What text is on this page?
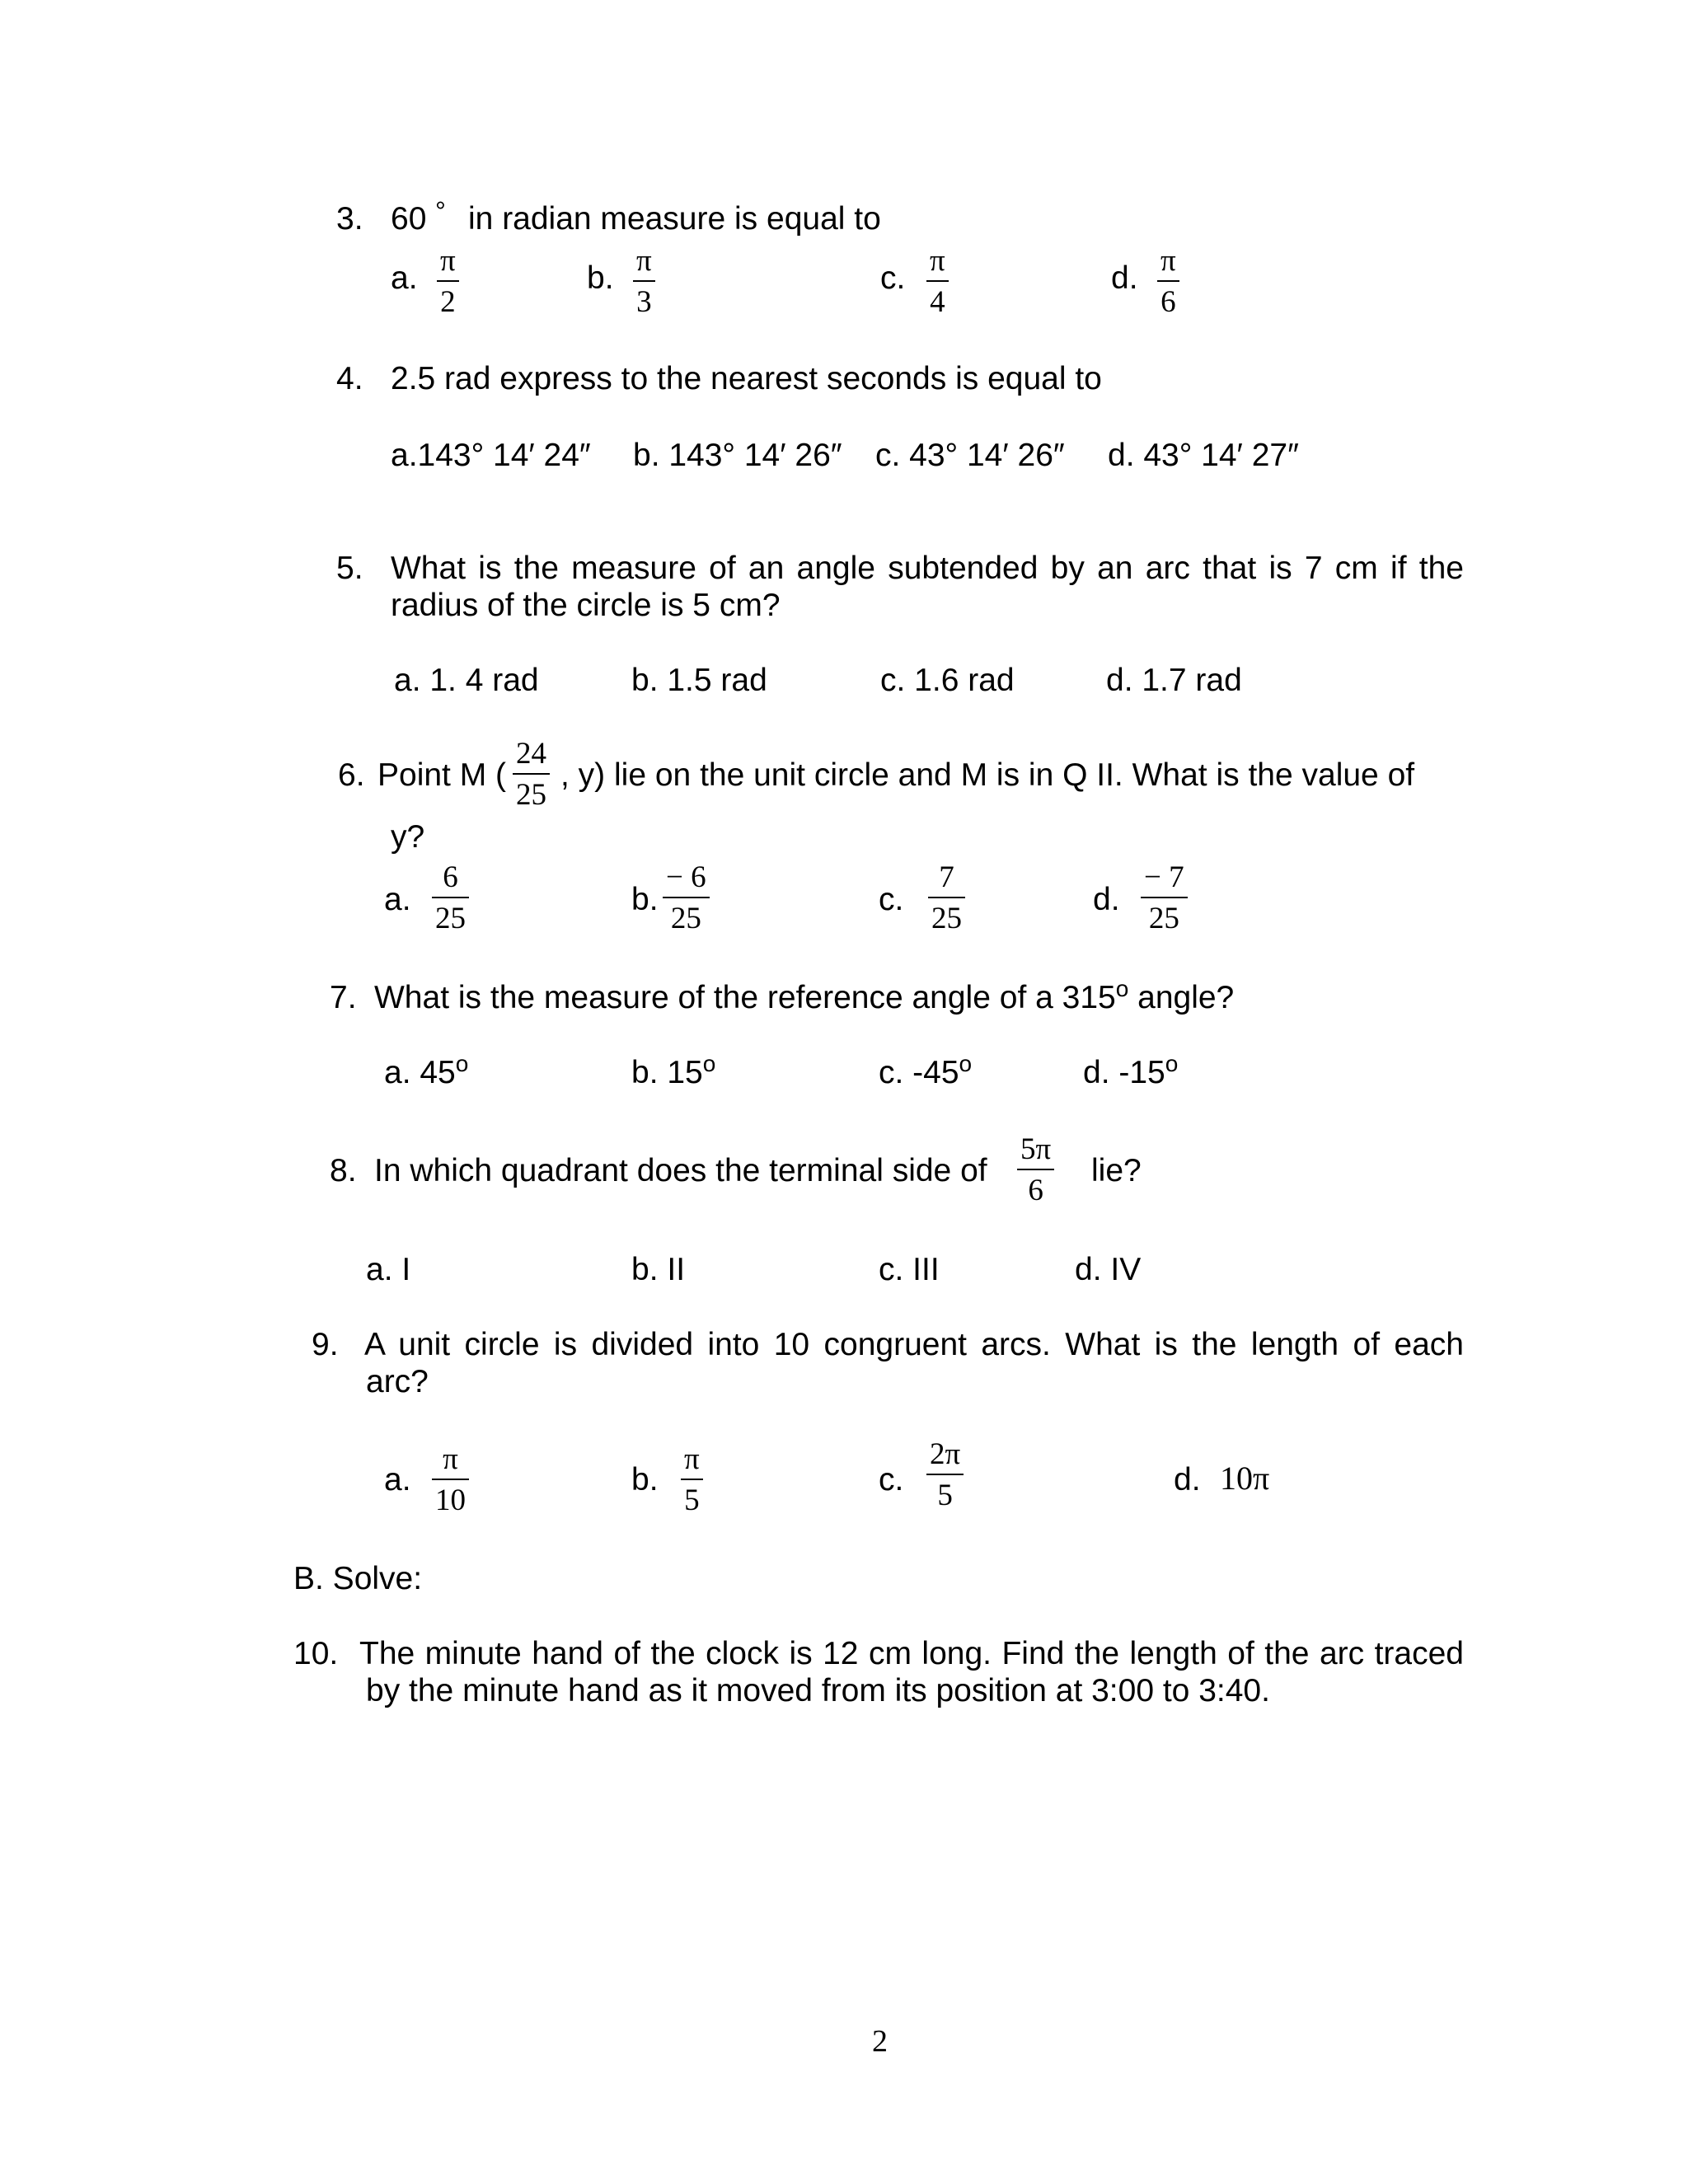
3. 60 ° in radian measure is equal to
a. π
2
b. π
3
c. π
4
d. π
6
4. 2.5 rad express to the nearest seconds is equal to
a.143° 14′ 24″ b. 143° 14′ 26″ c. 43° 14′ 26″ d. 43° 14′ 27″
5. What is the measure of an angle subtended by an arc that is 7 cm if the
radius of the circle is 5 cm?
a. 1. 4 rad	b. 1.5 rad	c. 1.6 rad	d. 1.7 rad
6. Point M (
24
25
, y) lie on the unit circle and M is in Q II. What is the value of
y?
a.
6
25
b.
− 6
25
c.
7
25
d.
− 7
25
7. What is the measure of the reference angle of a 315$^o$ angle?
a. 45$^o$	b. 15$^o$	c. -45$^o$	d. -15$^o$
8. In which quadrant does the terminal side of
5π
6
lie?
a. I	b. II	c. III	d. IV
9. A unit circle is divided into 10 congruent arcs. What is the length of each
arc?
a.
π
10
b.
π
5
c.
2π
5	d. 10π
B. Solve:
10. The minute hand of the clock is 12 cm long. Find the length of the arc traced
by the minute hand as it moved from its position at 3:00 to 3:40.
2
